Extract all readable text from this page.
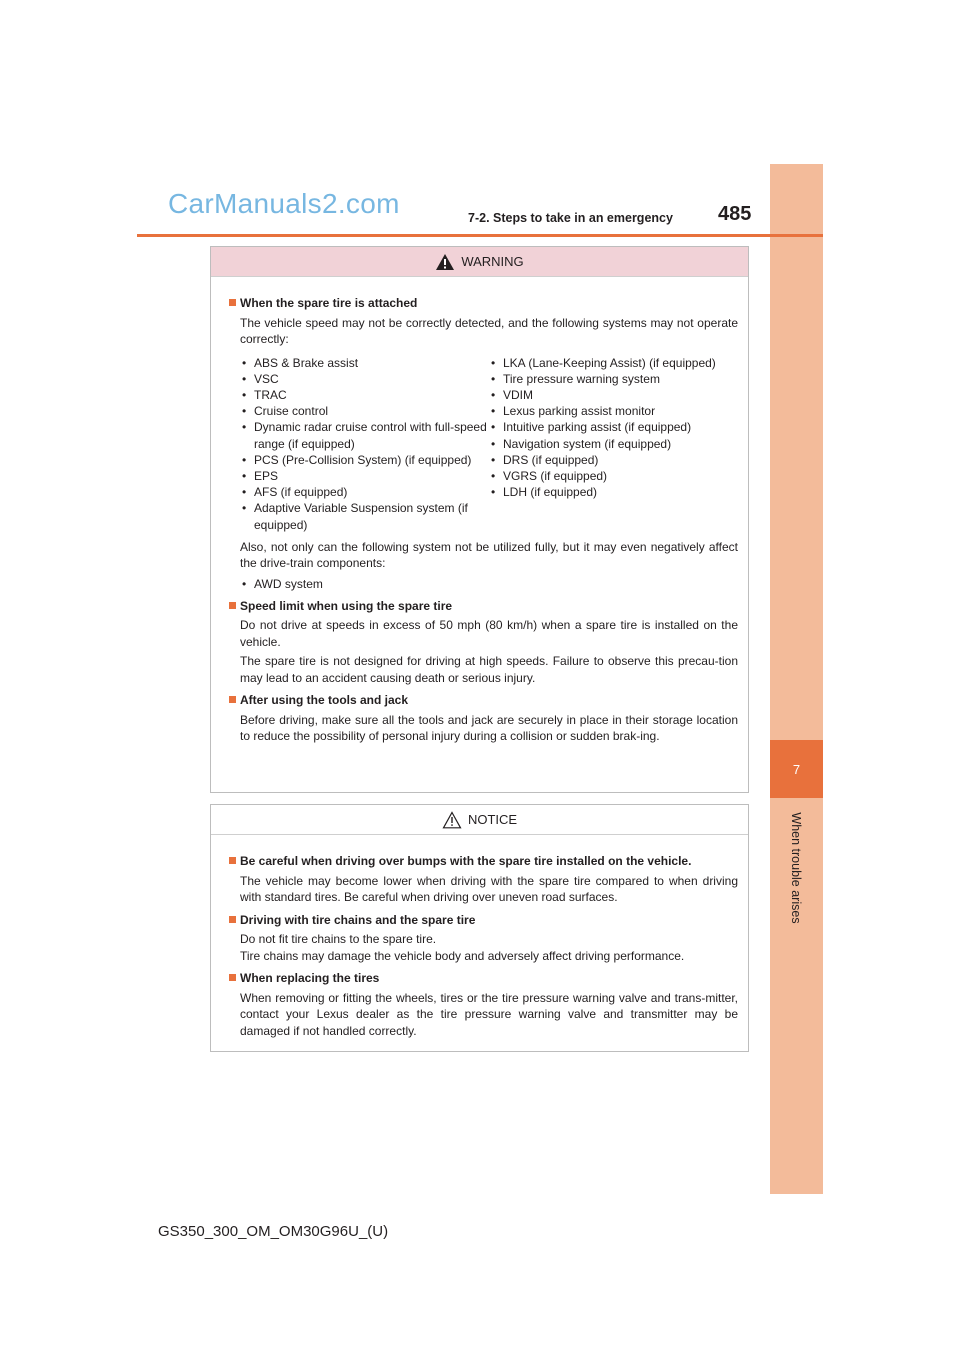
7
When trouble arises
CarManuals2.com	7-2. Steps to take in an emergency 485
WARNING
When the spare tire is attached
The vehicle speed may not be correctly detected, and the following systems may not operate correctly:
• ABS & Brake assist
• VSC
• TRAC
• Cruise control
• Dynamic radar cruise control with full-speed range (if equipped)
• PCS (Pre-Collision System) (if equipped)
• EPS
• AFS (if equipped)
• Adaptive Variable Suspension system (if equipped)
• LKA (Lane-Keeping Assist) (if equipped)
• Tire pressure warning system
• VDIM
• Lexus parking assist monitor
• Intuitive parking assist (if equipped)
• Navigation system (if equipped)
• DRS (if equipped)
• VGRS (if equipped)
• LDH (if equipped)
Also, not only can the following system not be utilized fully, but it may even negatively affect the drive-train components:
• AWD system
Speed limit when using the spare tire
Do not drive at speeds in excess of 50 mph (80 km/h) when a spare tire is installed on the vehicle.
The spare tire is not designed for driving at high speeds. Failure to observe this precau-tion may lead to an accident causing death or serious injury.
After using the tools and jack
Before driving, make sure all the tools and jack are securely in place in their storage location to reduce the possibility of personal injury during a collision or sudden brak-ing.
NOTICE
Be careful when driving over bumps with the spare tire installed on the vehicle.
The vehicle may become lower when driving with the spare tire compared to when driving with standard tires. Be careful when driving over uneven road surfaces.
Driving with tire chains and the spare tire
Do not fit tire chains to the spare tire.
Tire chains may damage the vehicle body and adversely affect driving performance.
When replacing the tires
When removing or fitting the wheels, tires or the tire pressure warning valve and trans-mitter, contact your Lexus dealer as the tire pressure warning valve and transmitter may be damaged if not handled correctly.
GS350_300_OM_OM30G96U_(U)
